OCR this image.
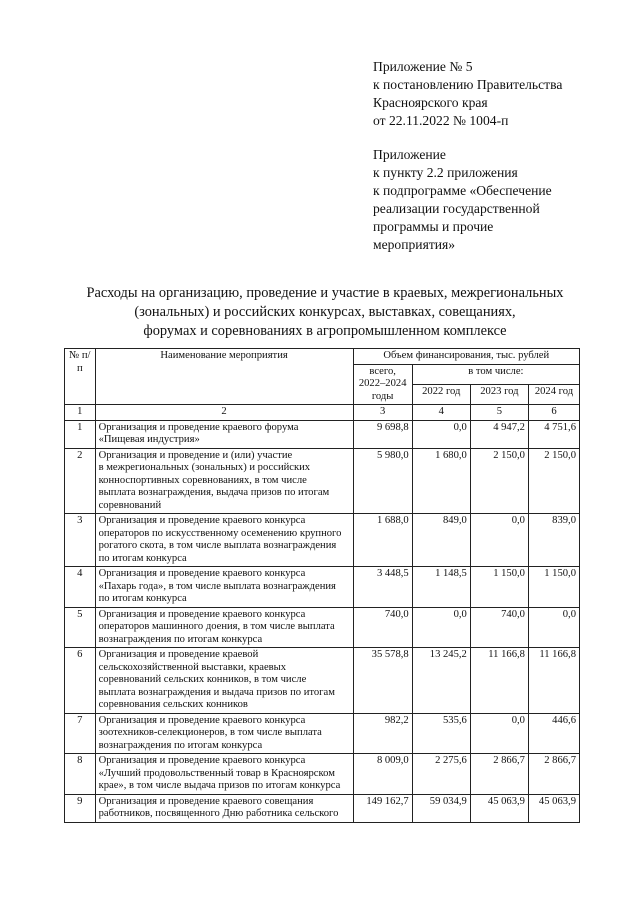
Приложение № 5
к постановлению Правительства
Красноярского края
от 22.11.2022 № 1004-п
Приложение
к пункту 2.2 приложения
к подпрограмме «Обеспечение
реализации государственной
программы и прочие
мероприятия»
Расходы на организацию, проведение и участие в краевых, межрегиональных
(зональных) и российских конкурсах, выставках, совещаниях,
форумах и соревнованиях в агропромышленном комплексе
№ п/п	Наименование мероприятия	Объем финансирования, тыс. рублей			
		всего, 2022–2024 годы	в том числе:		
			2022 год	2023 год	2024 год
1	2	3	4	5	6
1	Организация и проведение краевого форума
«Пищевая индустрия»	9 698,8	0,0	4 947,2	4 751,6
2	Организация и проведение и (или) участие
в межрегиональных (зональных) и российских
конноспортивных соревнованиях, в том числе
выплата вознаграждения, выдача призов по итогам
соревнований	5 980,0	1 680,0	2 150,0	2 150,0
3	Организация и проведение краевого конкурса
операторов по искусственному осеменению крупного
рогатого скота, в том числе выплата вознаграждения
по итогам конкурса	1 688,0	849,0	0,0	839,0
4	Организация и проведение краевого конкурса
«Пахарь года», в том числе выплата вознаграждения
по итогам конкурса	3 448,5	1 148,5	1 150,0	1 150,0
5	Организация и проведение краевого конкурса
операторов машинного доения, в том числе выплата
вознаграждения по итогам конкурса	740,0	0,0	740,0	0,0
6	Организация и проведение краевой
сельскохозяйственной выставки, краевых
соревнований сельских конников, в том числе
выплата вознаграждения и выдача призов по итогам
соревнования сельских конников	35 578,8	13 245,2	11 166,8	11 166,8
7	Организация и проведение краевого конкурса
зоотехников-селекционеров, в том числе выплата
вознаграждения по итогам конкурса	982,2	535,6	0,0	446,6
8	Организация и проведение краевого конкурса
«Лучший продовольственный товар в Красноярском
крае», в том числе выдача призов по итогам конкурса	8 009,0	2 275,6	2 866,7	2 866,7
9	Организация и проведение краевого совещания
работников, посвященного Дню работника сельского	149 162,7	59 034,9	45 063,9	45 063,9
